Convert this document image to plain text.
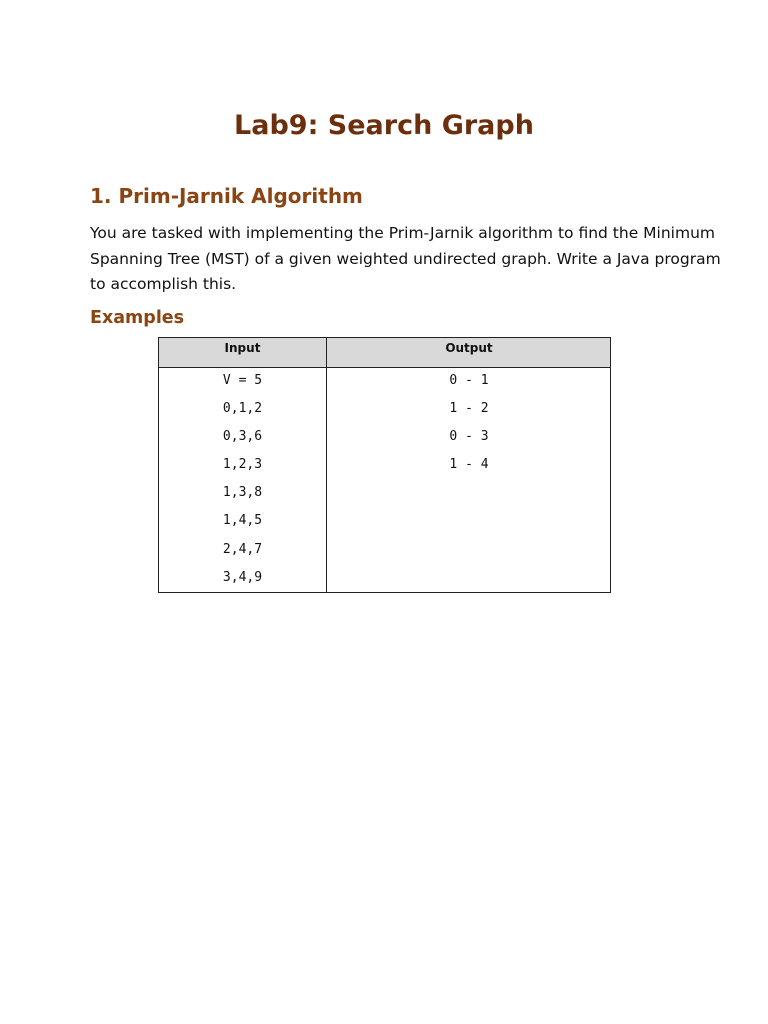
Lab9: Search Graph
1. Prim-Jarnik Algorithm
You are tasked with implementing the Prim-Jarnik algorithm to find the Minimum
Spanning Tree (MST) of a given weighted undirected graph. Write a Java program
to accomplish this.
Examples
Input	Output
V = 5
0,1,2
0,3,6
1,2,3
1,3,8
1,4,5
2,4,7
3,4,9
0 - 1
1 - 2
0 - 3
1 - 4
